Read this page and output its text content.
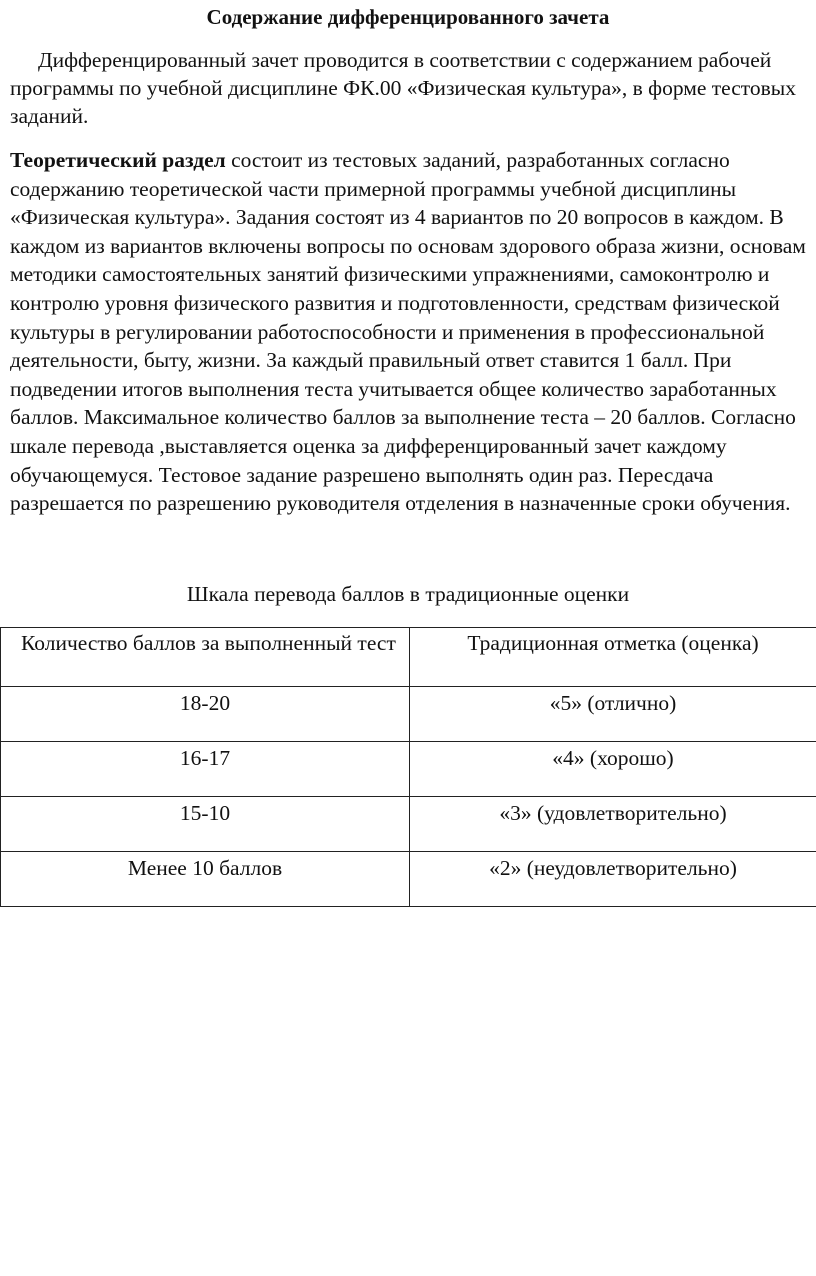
Содержание дифференцированного зачета

Дифференцированный зачет проводится в соответствии с содержанием рабочей программы по учебной дисциплине ФК.00 «Физическая культура», в форме тестовых заданий.

Теоретический раздел состоит из тестовых заданий, разработанных согласно содержанию теоретической части примерной программы учебной дисциплины «Физическая культура». Задания состоят из 4 вариантов по 20 вопросов в каждом. В каждом из вариантов включены вопросы по основам здорового образа жизни, основам методики самостоятельных занятий физическими упражнениями, самоконтролю и контролю уровня физического развития и подготовленности, средствам физической культуры в регулировании работоспособности и применения в профессиональной деятельности, быту, жизни. За каждый правильный ответ ставится 1 балл. При подведении итогов выполнения теста учитывается общее количество заработанных баллов. Максимальное количество баллов за выполнение теста – 20 баллов. Согласно шкале перевода ,выставляется оценка за дифференцированный зачет каждому обучающемуся. Тестовое задание разрешено выполнять один раз. Пересдача разрешается по разрешению руководителя отделения в назначенные сроки обучения.

Шкала перевода баллов в традиционные оценки
Количество баллов за выполненный тест	Традиционная отметка (оценка)
18-20	«5» (отлично)
16-17	«4» (хорошо)
15-10	«3» (удовлетворительно)
Менее 10 баллов	«2» (неудовлетворительно)
